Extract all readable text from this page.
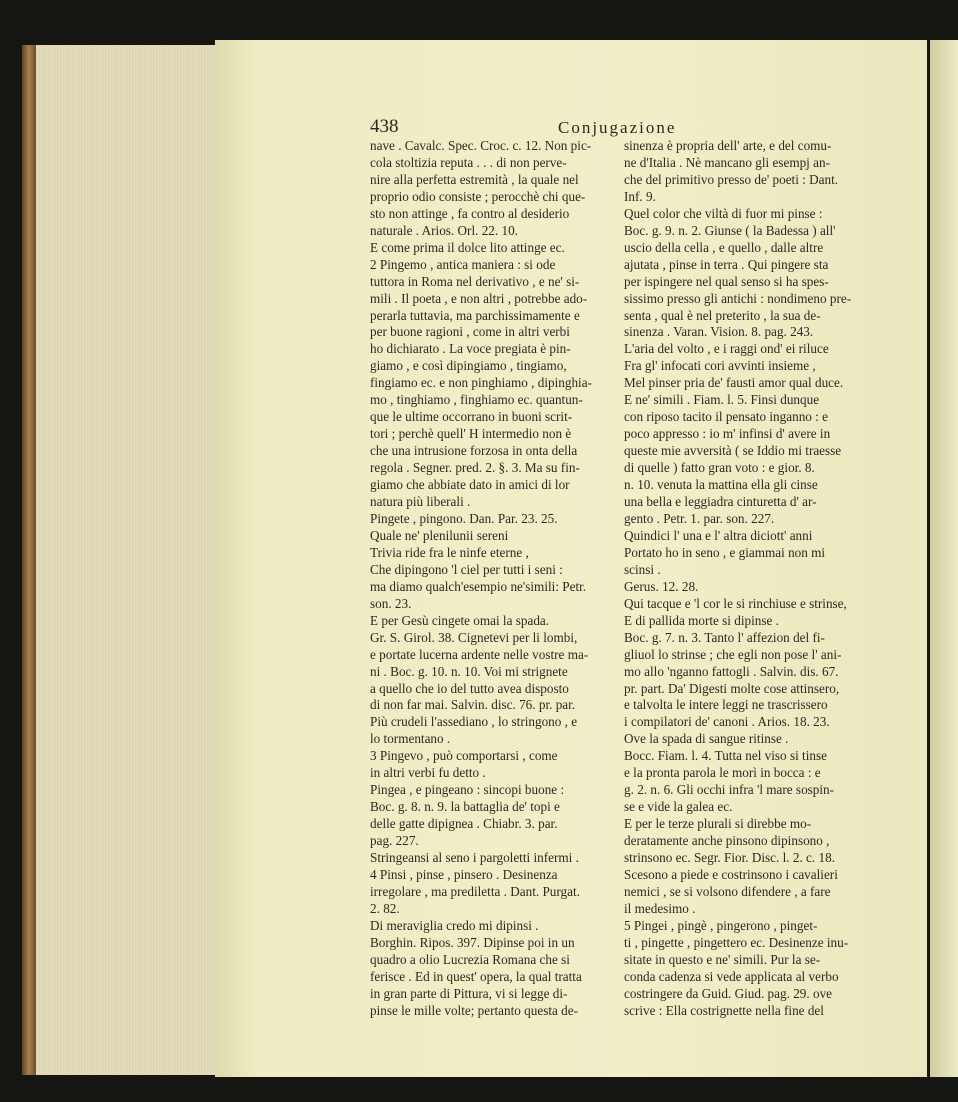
438	Conjugazione
nave . Cavalc. Spec. Croc. c. 12. Non pic-
cola stoltizia reputa . . . di non perve-
nire alla perfetta estremità , la quale nel
proprio odio consiste ; perocchè chi que-
sto non attinge , fa contro al desiderio
naturale . Arios. Orl. 22. 10.
E come prima il dolce lito attinge ec.
2 Pingemo , antica maniera : si ode
tuttora in Roma nel derivativo , e ne' si-
mili . Il poeta , e non altri , potrebbe ado-
perarla tuttavia, ma parchissimamente e
per buone ragioni , come in altri verbi
ho dichiarato . La voce pregiata è pin-
giamo , e così dipingiamo , tingiamo,
fingiamo ec. e non pinghiamo , dipinghia-
mo , tinghiamo , finghiamo ec. quantun-
que le ultime occorrano in buoni scrit-
tori ; perchè quell' H intermedio non è
che una intrusione forzosa in onta della
regola . Segner. pred. 2. §. 3. Ma su fin-
giamo che abbiate dato in amici di lor
natura più liberali .
Pingete , pingono. Dan. Par. 23. 25.
Quale ne' plenilunii sereni
Trivia ride fra le ninfe eterne ,
Che dipingono 'l ciel per tutti i seni :
ma diamo qualch'esempio ne'simili: Petr.
son. 23.
E per Gesù cingete omai la spada.
Gr. S. Girol. 38. Cignetevi per li lombi,
e portate lucerna ardente nelle vostre ma-
ni . Boc. g. 10. n. 10. Voi mi strignete
a quello che io del tutto avea disposto
di non far mai. Salvin. disc. 76. pr. par.
Più crudeli l'assediano , lo stringono , e
lo tormentano .
3 Pingevo , può comportarsi , come
in altri verbi fu detto .
Pingea , e pingeano : sincopi buone :
Boc. g. 8. n. 9. la battaglia de' topi e
delle gatte dipignea . Chiabr. 3. par.
pag. 227.
Stringeansi al seno i pargoletti infermi .
4 Pinsi , pinse , pinsero . Desinenza
irregolare , ma prediletta . Dant. Purgat.
2. 82.
Di meraviglia credo mi dipinsi .
Borghin. Ripos. 397. Dipinse poi in un
quadro a olio Lucrezia Romana che si
ferisce . Ed in quest' opera, la qual tratta
in gran parte di Pittura, vi si legge di-
pinse le mille volte; pertanto questa de-
sinenza è propria dell' arte, e del comu-
ne d'Italia . Nè mancano gli esempj an-
che del primitivo presso de' poeti : Dant.
Inf. 9.
Quel color che viltà di fuor mi pinse :
Boc. g. 9. n. 2. Giunse ( la Badessa ) all'
uscio della cella , e quello , dalle altre
ajutata , pinse in terra . Qui pingere sta
per ispingere nel qual senso si ha spes-
sissimo presso gli antichi : nondimeno pre-
senta , qual è nel preterito , la sua de-
sinenza . Varan. Vision. 8. pag. 243.
L'aria del volto , e i raggi ond' ei riluce
Fra gl' infocati cori avvinti insieme ,
Mel pinser pria de' fausti amor qual duce.
E ne' simili . Fiam. l. 5. Finsi dunque
con riposo tacito il pensato inganno : e
poco appresso : io m' infinsi d' avere in
queste mie avversità ( se Iddio mi traesse
di quelle ) fatto gran voto : e gior. 8.
n. 10. venuta la mattina ella gli cinse
una bella e leggiadra cinturetta d' ar-
gento . Petr. 1. par. son. 227.
Quindici l' una e l' altra diciott' anni
Portato ho in seno , e giammai non mi
scinsi .
Gerus. 12. 28.
Qui tacque e 'l cor le si rinchiuse e strinse,
E di pallida morte si dipinse .
Boc. g. 7. n. 3. Tanto l' affezion del fi-
gliuol lo strinse ; che egli non pose l' ani-
mo allo 'nganno fattogli . Salvin. dis. 67.
pr. part. Da' Digesti molte cose attinsero,
e talvolta le intere leggi ne trascrissero
i compilatori de' canoni . Arios. 18. 23.
Ove la spada di sangue ritinse .
Bocc. Fiam. l. 4. Tutta nel viso si tinse
e la pronta parola le morì in bocca : e
g. 2. n. 6. Gli occhi infra 'l mare sospin-
se e vide la galea ec.
E per le terze plurali si direbbe mo-
deratamente anche pinsono dipinsono ,
strinsono ec. Segr. Fior. Disc. l. 2. c. 18.
Scesono a piede e costrinsono i cavalieri
nemici , se si volsono difendere , a fare
il medesimo .
5 Pingei , pingè , pingerono , pinget-
ti , pingette , pingettero ec. Desinenze inu-
sitate in questo e ne' simili. Pur la se-
conda cadenza si vede applicata al verbo
costringere da Guid. Giud. pag. 29. ove
scrive : Ella costrignette nella fine del
